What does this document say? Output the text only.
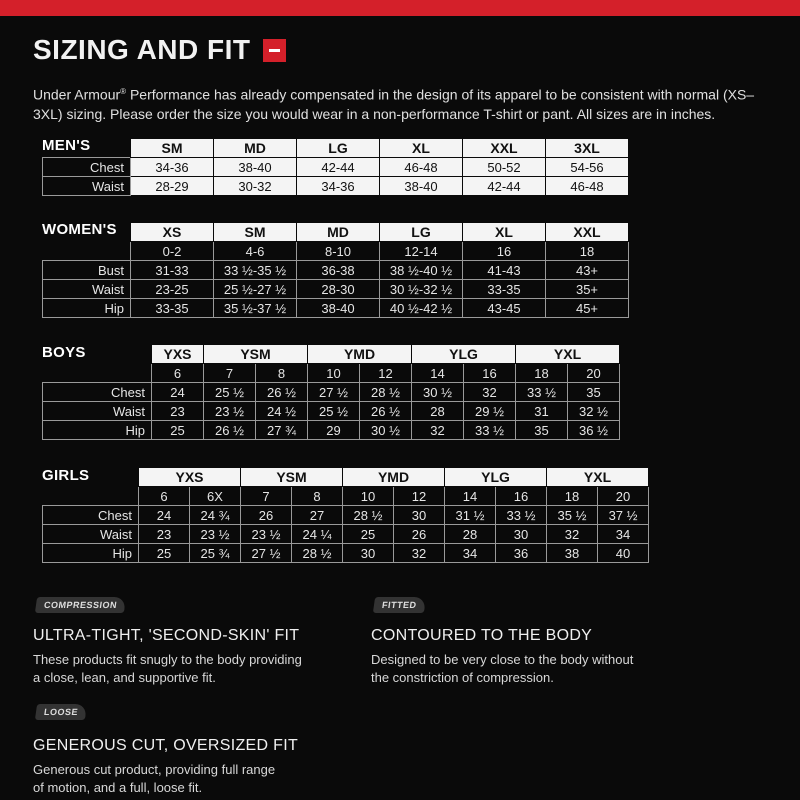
SIZING AND FIT
Under Armour® Performance has already compensated in the design of its apparel to be consistent with normal (XS–3XL) sizing. Please order the size you would wear in a non-performance T-shirt or pant. All sizes are in inches.
MEN'S
		SM	MD	LG	XL	XXL	3XL
Chest	34-36	38-40	42-44	46-48	50-52	54-56
Waist	28-29	30-32	34-36	38-40	42-44	46-48
WOMEN'S
		XS	SM	MD	LG	XL	XXL
	0-2	4-6	8-10	12-14	16	18
Bust	31-33	33 ½-35 ½	36-38	38 ½-40 ½	41-43	43+
Waist	23-25	25 ½-27 ½	28-30	30 ½-32 ½	33-35	35+
Hip	33-35	35 ½-37 ½	38-40	40 ½-42 ½	43-45	45+
BOYS
		YXS	YSM		YMD		YLG		YXL	
	6	7	8	10	12	14	16	18	20
Chest	24	25 ½	26 ½	27 ½	28 ½	30 ½	32	33 ½	35
Waist	23	23 ½	24 ½	25 ½	26 ½	28	29 ½	31	32 ½
Hip	25	26 ½	27 ¾	29	30 ½	32	33 ½	35	36 ½
GIRLS
		YXS		YSM		YMD		YLG		YXL	
	6	6X	7	8	10	12	14	16	18	20
Chest	24	24 ¾	26	27	28 ½	30	31 ½	33 ½	35 ½	37 ½
Waist	23	23 ½	23 ½	24 ¼	25	26	28	30	32	34
Hip	25	25 ¾	27 ½	28 ½	30	32	34	36	38	40
COMPRESSION
ULTRA-TIGHT, 'SECOND-SKIN' FIT
These products fit snugly to the body providing
a close, lean, and supportive fit.
FITTED
CONTOURED TO THE BODY
Designed to be very close to the body without
the constriction of compression.
LOOSE
GENEROUS CUT, OVERSIZED FIT
Generous cut product, providing full range
of motion, and a full, loose fit.
